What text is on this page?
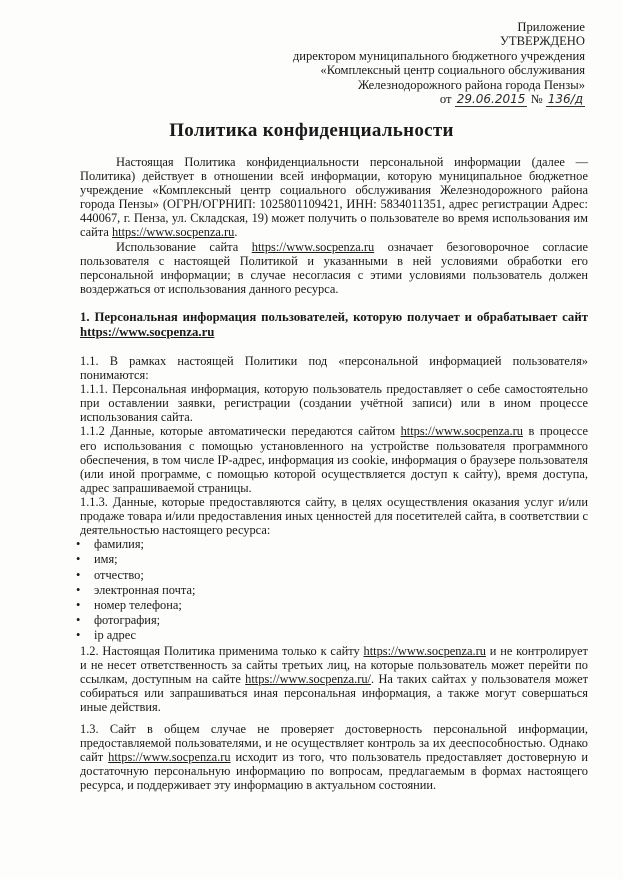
Приложение
УТВЕРЖДЕНО
директором муниципального бюджетного учреждения
«Комплексный центр социального обслуживания
Железнодорожного района города Пензы»
от 29.06.2015 № 136/д
Политика конфиденциальности

Настоящая Политика конфиденциальности персональной информации (далее — Политика) действует в отношении всей информации, которую муниципальное бюджетное учреждение «Комплексный центр социального обслуживания Железнодорожного района города Пензы» (ОГРН/ОГРНИП: 1025801109421, ИНН: 5834011351, адрес регистрации Адрес: 440067, г. Пенза, ул. Складская, 19) может получить о пользователе во время использования им сайта https://www.socpenza.ru.

Использование сайта https://www.socpenza.ru означает безоговорочное согласие пользователя с настоящей Политикой и указанными в ней условиями обработки его персональной информации; в случае несогласия с этими условиями пользователь должен воздержаться от использования данного ресурса.

1. Персональная информация пользователей, которую получает и обрабатывает сайт https://www.socpenza.ru

1.1. В рамках настоящей Политики под «персональной информацией пользователя» понимаются:

1.1.1. Персональная информация, которую пользователь предоставляет о себе самостоятельно при оставлении заявки, регистрации (создании учётной записи) или в ином процессе использования сайта.

1.1.2 Данные, которые автоматически передаются сайтом https://www.socpenza.ru в процессе его использования с помощью установленного на устройстве пользователя программного обеспечения, в том числе IP-адрес, информация из cookie, информация о браузере пользователя (или иной программе, с помощью которой осуществляется доступ к сайту), время доступа, адрес запрашиваемой страницы.

1.1.3. Данные, которые предоставляются сайту, в целях осуществления оказания услуг и/или продаже товара и/или предоставления иных ценностей для посетителей сайта, в соответствии с деятельностью настоящего ресурса:

• фамилия;
• имя;
• отчество;
• электронная почта;
• номер телефона;
• фотография;
• ip адрес

1.2. Настоящая Политика применима только к сайту https://www.socpenza.ru и не контролирует и не несет ответственность за сайты третьих лиц, на которые пользователь может перейти по ссылкам, доступным на сайте https://www.socpenza.ru/. На таких сайтах у пользователя может собираться или запрашиваться иная персональная информация, а также могут совершаться иные действия.

1.3. Сайт в общем случае не проверяет достоверность персональной информации, предоставляемой пользователями, и не осуществляет контроль за их дееспособностью. Однако сайт https://www.socpenza.ru исходит из того, что пользователь предоставляет достоверную и достаточную персональную информацию по вопросам, предлагаемым в формах настоящего ресурса, и поддерживает эту информацию в актуальном состоянии.
